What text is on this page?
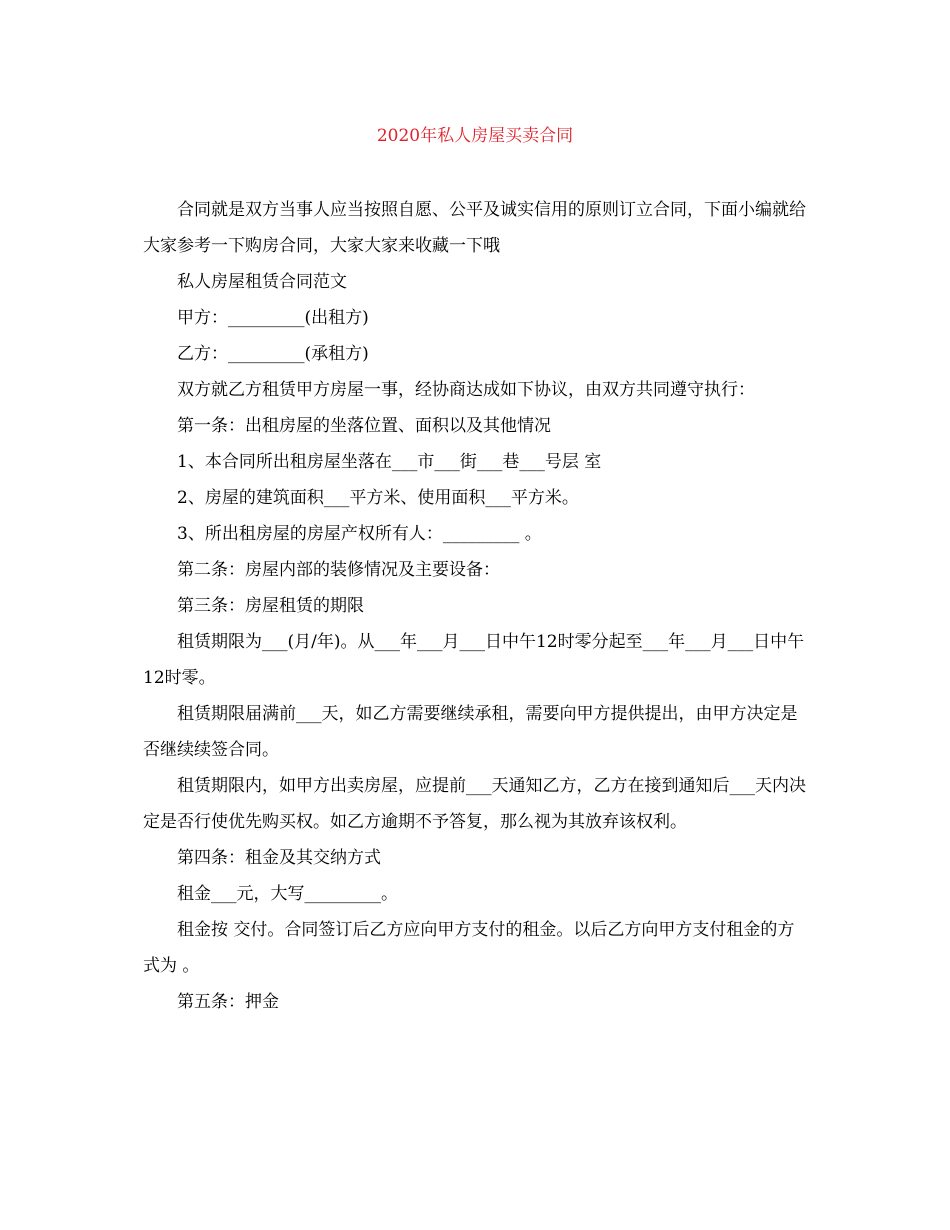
2020年私人房屋买卖合同

合同就是双方当事人应当按照自愿、公平及诚实信用的原则订立合同，下面小编就给大家参考一下购房合同，大家大家来收藏一下哦

私人房屋租赁合同范文

甲方：_________(出租方)

乙方：_________(承租方)

双方就乙方租赁甲方房屋一事，经协商达成如下协议，由双方共同遵守执行：

第一条：出租房屋的坐落位置、面积以及其他情况

1、本合同所出租房屋坐落在___市___街___巷___号层 室

2、房屋的建筑面积___平方米、使用面积___平方米。

3、所出租房屋的房屋产权所有人：_________ 。

第二条：房屋内部的装修情况及主要设备：

第三条：房屋租赁的期限

租赁期限为___(月/年)。从___年___月___日中午12时零分起至___年___月___日中午12时零。

租赁期限届满前___天，如乙方需要继续承租，需要向甲方提供提出，由甲方决定是否继续续签合同。

租赁期限内，如甲方出卖房屋，应提前___天通知乙方，乙方在接到通知后___天内决定是否行使优先购买权。如乙方逾期不予答复，那么视为其放弃该权利。

第四条：租金及其交纳方式

租金___元，大写_________。

租金按 交付。合同签订后乙方应向甲方支付的租金。以后乙方向甲方支付租金的方式为 。

第五条：押金
